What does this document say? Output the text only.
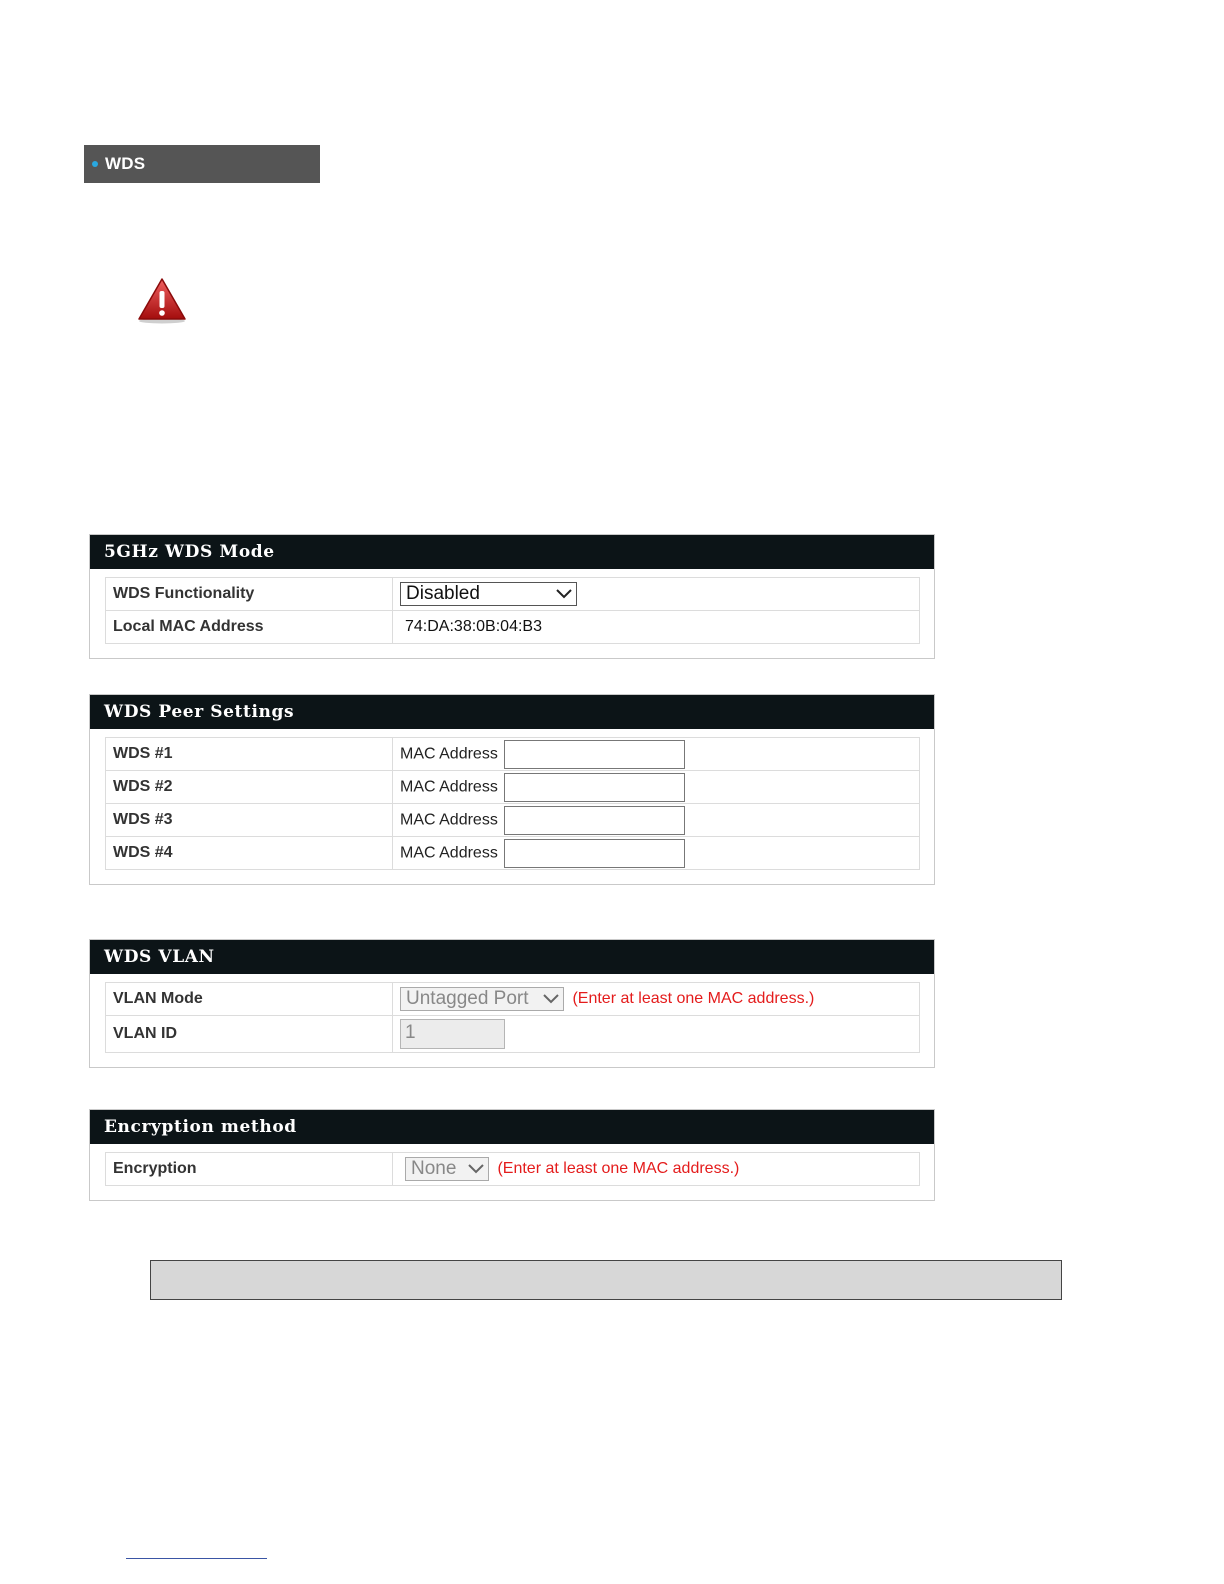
WDS
5GHz WDS Mode
WDS Functionality	Disabled

Local MAC Address	74:DA:38:0B:04:B3
WDS Peer Settings
WDS #1	MAC Address
WDS #2	MAC Address
WDS #3	MAC Address
WDS #4	MAC Address
WDS VLAN
VLAN Mode	Untagged Port (Enter at least one MAC address.)
VLAN ID	1
Encryption method
Encryption	None	(Enter at least one MAC address.)
